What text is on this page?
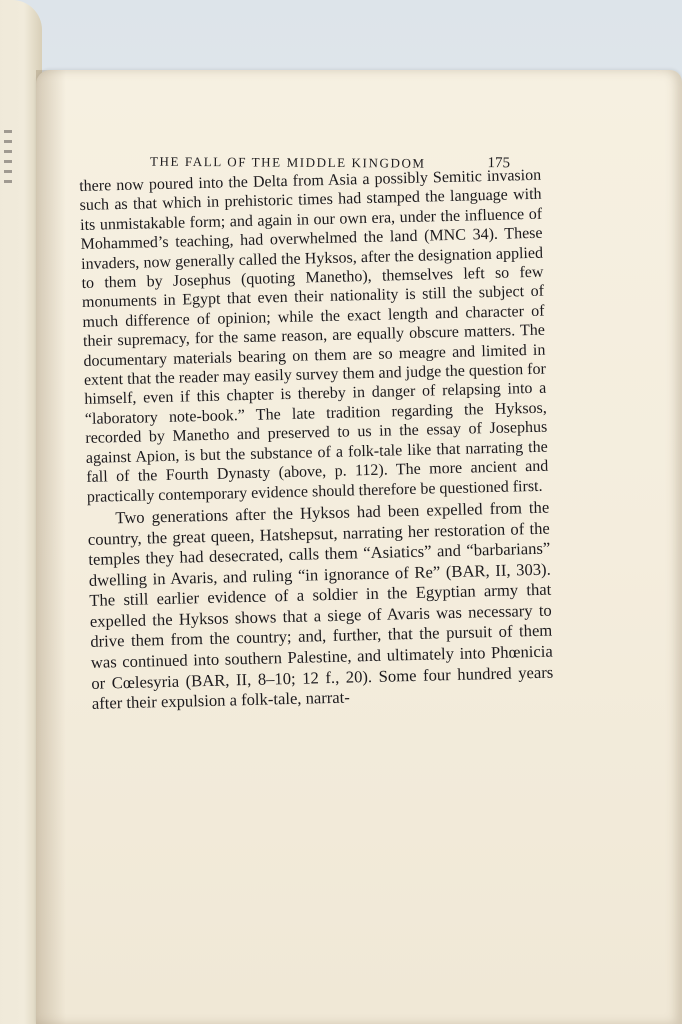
THE FALL OF THE MIDDLE KINGDOM	175

there now poured into the Delta from Asia a possibly Semitic invasion such as that which in prehistoric times had stamped the language with its unmistakable form; and again in our own era, under the influence of Mohammed’s teaching, had overwhelmed the land (MNC 34). These invaders, now generally called the Hyksos, after the designation applied to them by Josephus (quoting Manetho), themselves left so few monuments in Egypt that even their nationality is still the subject of much difference of opinion; while the exact length and character of their supremacy, for the same reason, are equally obscure matters. The documentary materials bearing on them are so meagre and limited in extent that the reader may easily survey them and judge the question for himself, even if this chapter is thereby in danger of relapsing into a “laboratory note-book.” The late tradition regarding the Hyksos, recorded by Manetho and preserved to us in the essay of Josephus against Apion, is but the substance of a folk-tale like that narrating the fall of the Fourth Dynasty (above, p. 112). The more ancient and practically contemporary evidence should therefore be questioned first.

Two generations after the Hyksos had been expelled from the country, the great queen, Hatshepsut, narrating her restoration of the temples they had desecrated, calls them “Asiatics” and “barbarians” dwelling in Avaris, and ruling “in ignorance of Re” (BAR, II, 303). The still earlier evidence of a soldier in the Egyptian army that expelled the Hyksos shows that a siege of Avaris was necessary to drive them from the country; and, further, that the pursuit of them was continued into southern Palestine, and ultimately into Phœnicia or Cœlesyria (BAR, II, 8–10; 12 f., 20). Some four hundred years after their expulsion a folk-tale, narrat-
